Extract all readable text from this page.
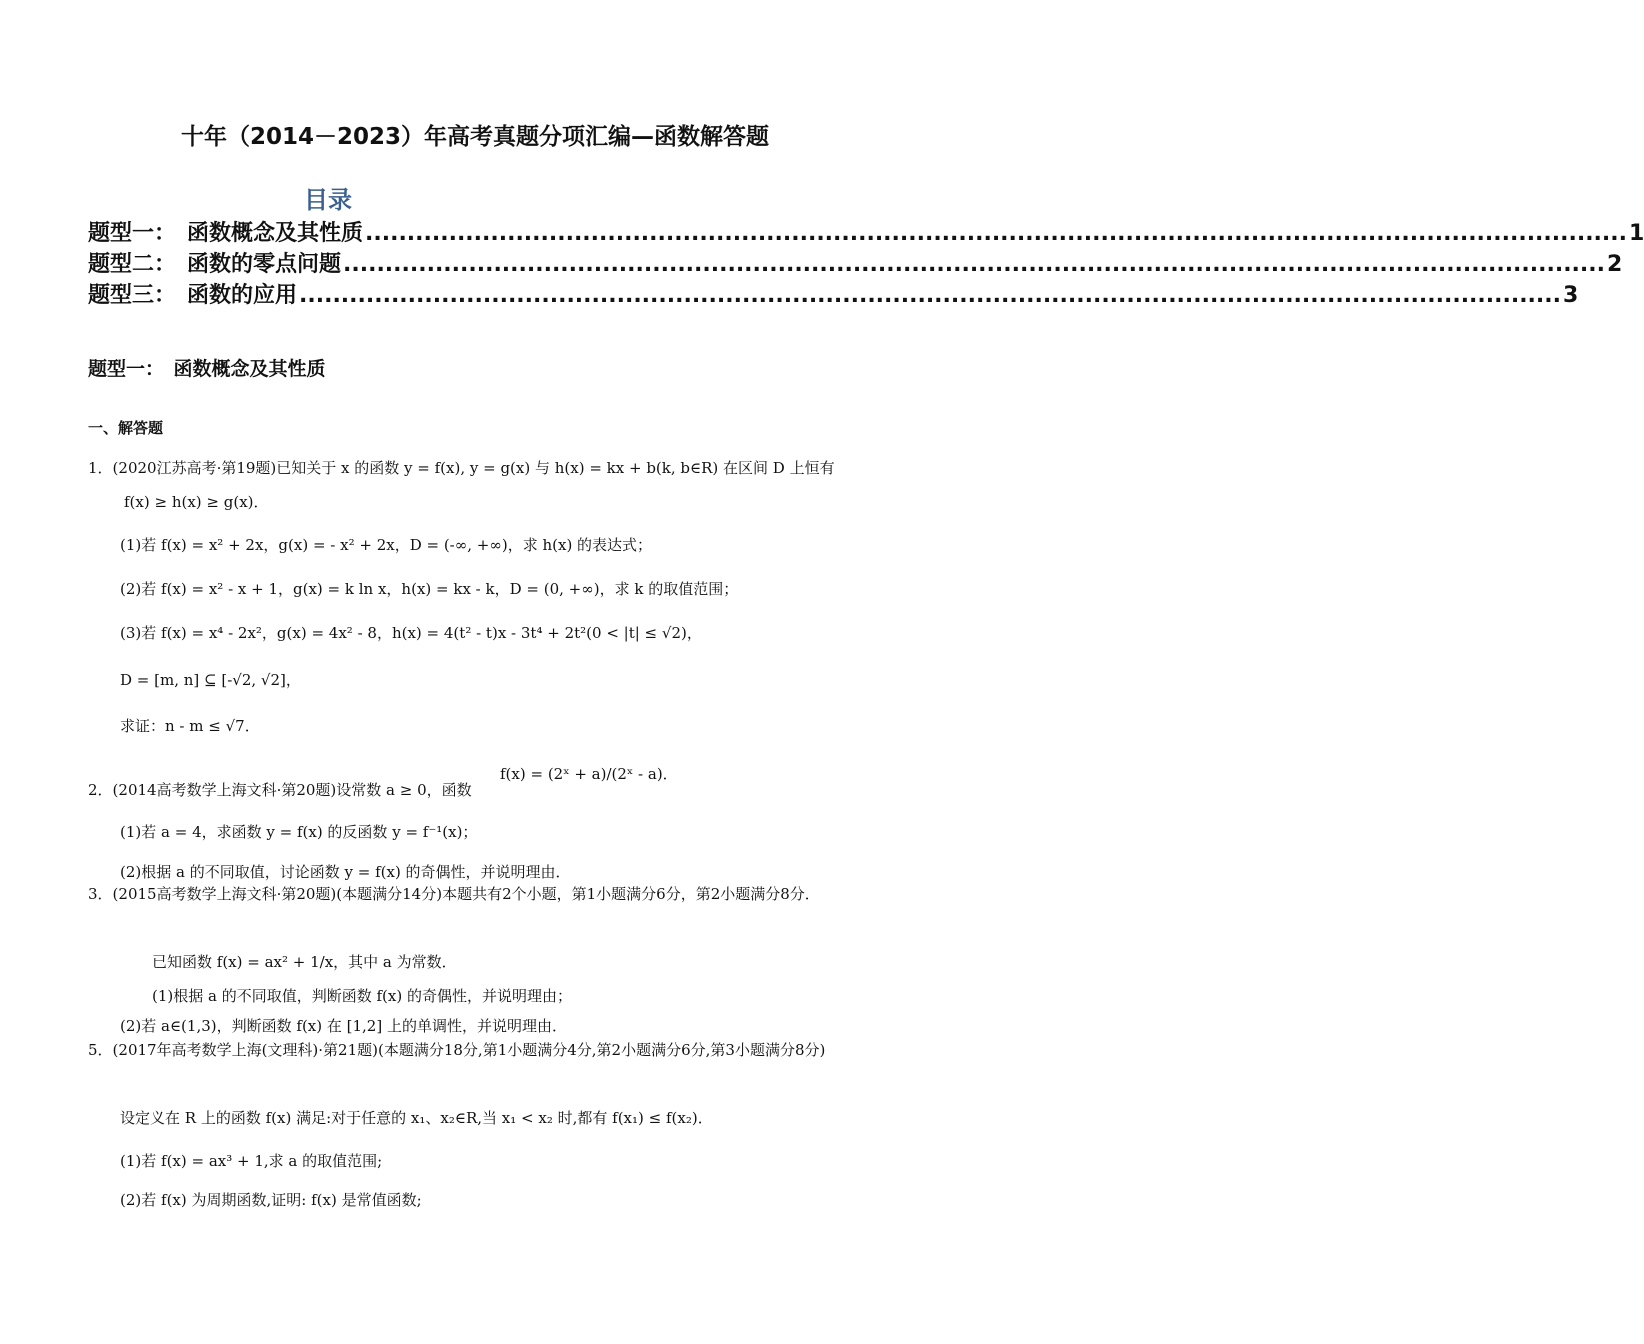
十年（2014－2023）年高考真题分项汇编—函数解答题
目录
题型一：　函数概念及其性质 ....................................................................................................................................................... 1
题型二：　函数的零点问题 ....................................................................................................................................................... 2
题型三：　函数的应用 ....................................................................................................................................................... 3
题型一：　函数概念及其性质
一、解答题
1．(2020江苏高考·第19题)已知关于 x 的函数 y = f(x), y = g(x) 与 h(x) = kx + b(k, b∈R) 在区间 D 上恒有
f(x) ≥ h(x) ≥ g(x)．
(1)若 f(x) = x² + 2x，g(x) = - x² + 2x，D = (-∞, +∞)，求 h(x) 的表达式；
(2)若 f(x) = x² - x + 1，g(x) = k ln x，h(x) = kx - k，D = (0, +∞)，求 k 的取值范围；
(3)若 f(x) = x⁴ - 2x²，g(x) = 4x² - 8，h(x) = 4(t² - t)x - 3t⁴ + 2t²(0 < |t| ≤ √2)，
D = [m, n] ⊆ [-√2, √2]，
求证：n - m ≤ √7．
2．(2014高考数学上海文科·第20题)设常数 a ≥ 0，函数
f(x) = (2ˣ + a)/(2ˣ - a)．
(1)若 a = 4，求函数 y = f(x) 的反函数 y = f⁻¹(x)；
(2)根据 a 的不同取值，讨论函数 y = f(x) 的奇偶性，并说明理由．
3．(2015高考数学上海文科·第20题)(本题满分14分)本题共有2个小题，第1小题满分6分，第2小题满分8分．
已知函数 f(x) = ax² + 1/x，其中 a 为常数．
(1)根据 a 的不同取值，判断函数 f(x) 的奇偶性，并说明理由；
(2)若 a∈(1,3)，判断函数 f(x) 在 [1,2] 上的单调性，并说明理由．
5．(2017年高考数学上海(文理科)·第21题)(本题满分18分,第1小题满分4分,第2小题满分6分,第3小题满分8分)
设定义在 R 上的函数 f(x) 满足:对于任意的 x₁、x₂∈R,当 x₁ < x₂ 时,都有 f(x₁) ≤ f(x₂)．
(1)若 f(x) = ax³ + 1,求 a 的取值范围;
(2)若 f(x) 为周期函数,证明: f(x) 是常值函数;
